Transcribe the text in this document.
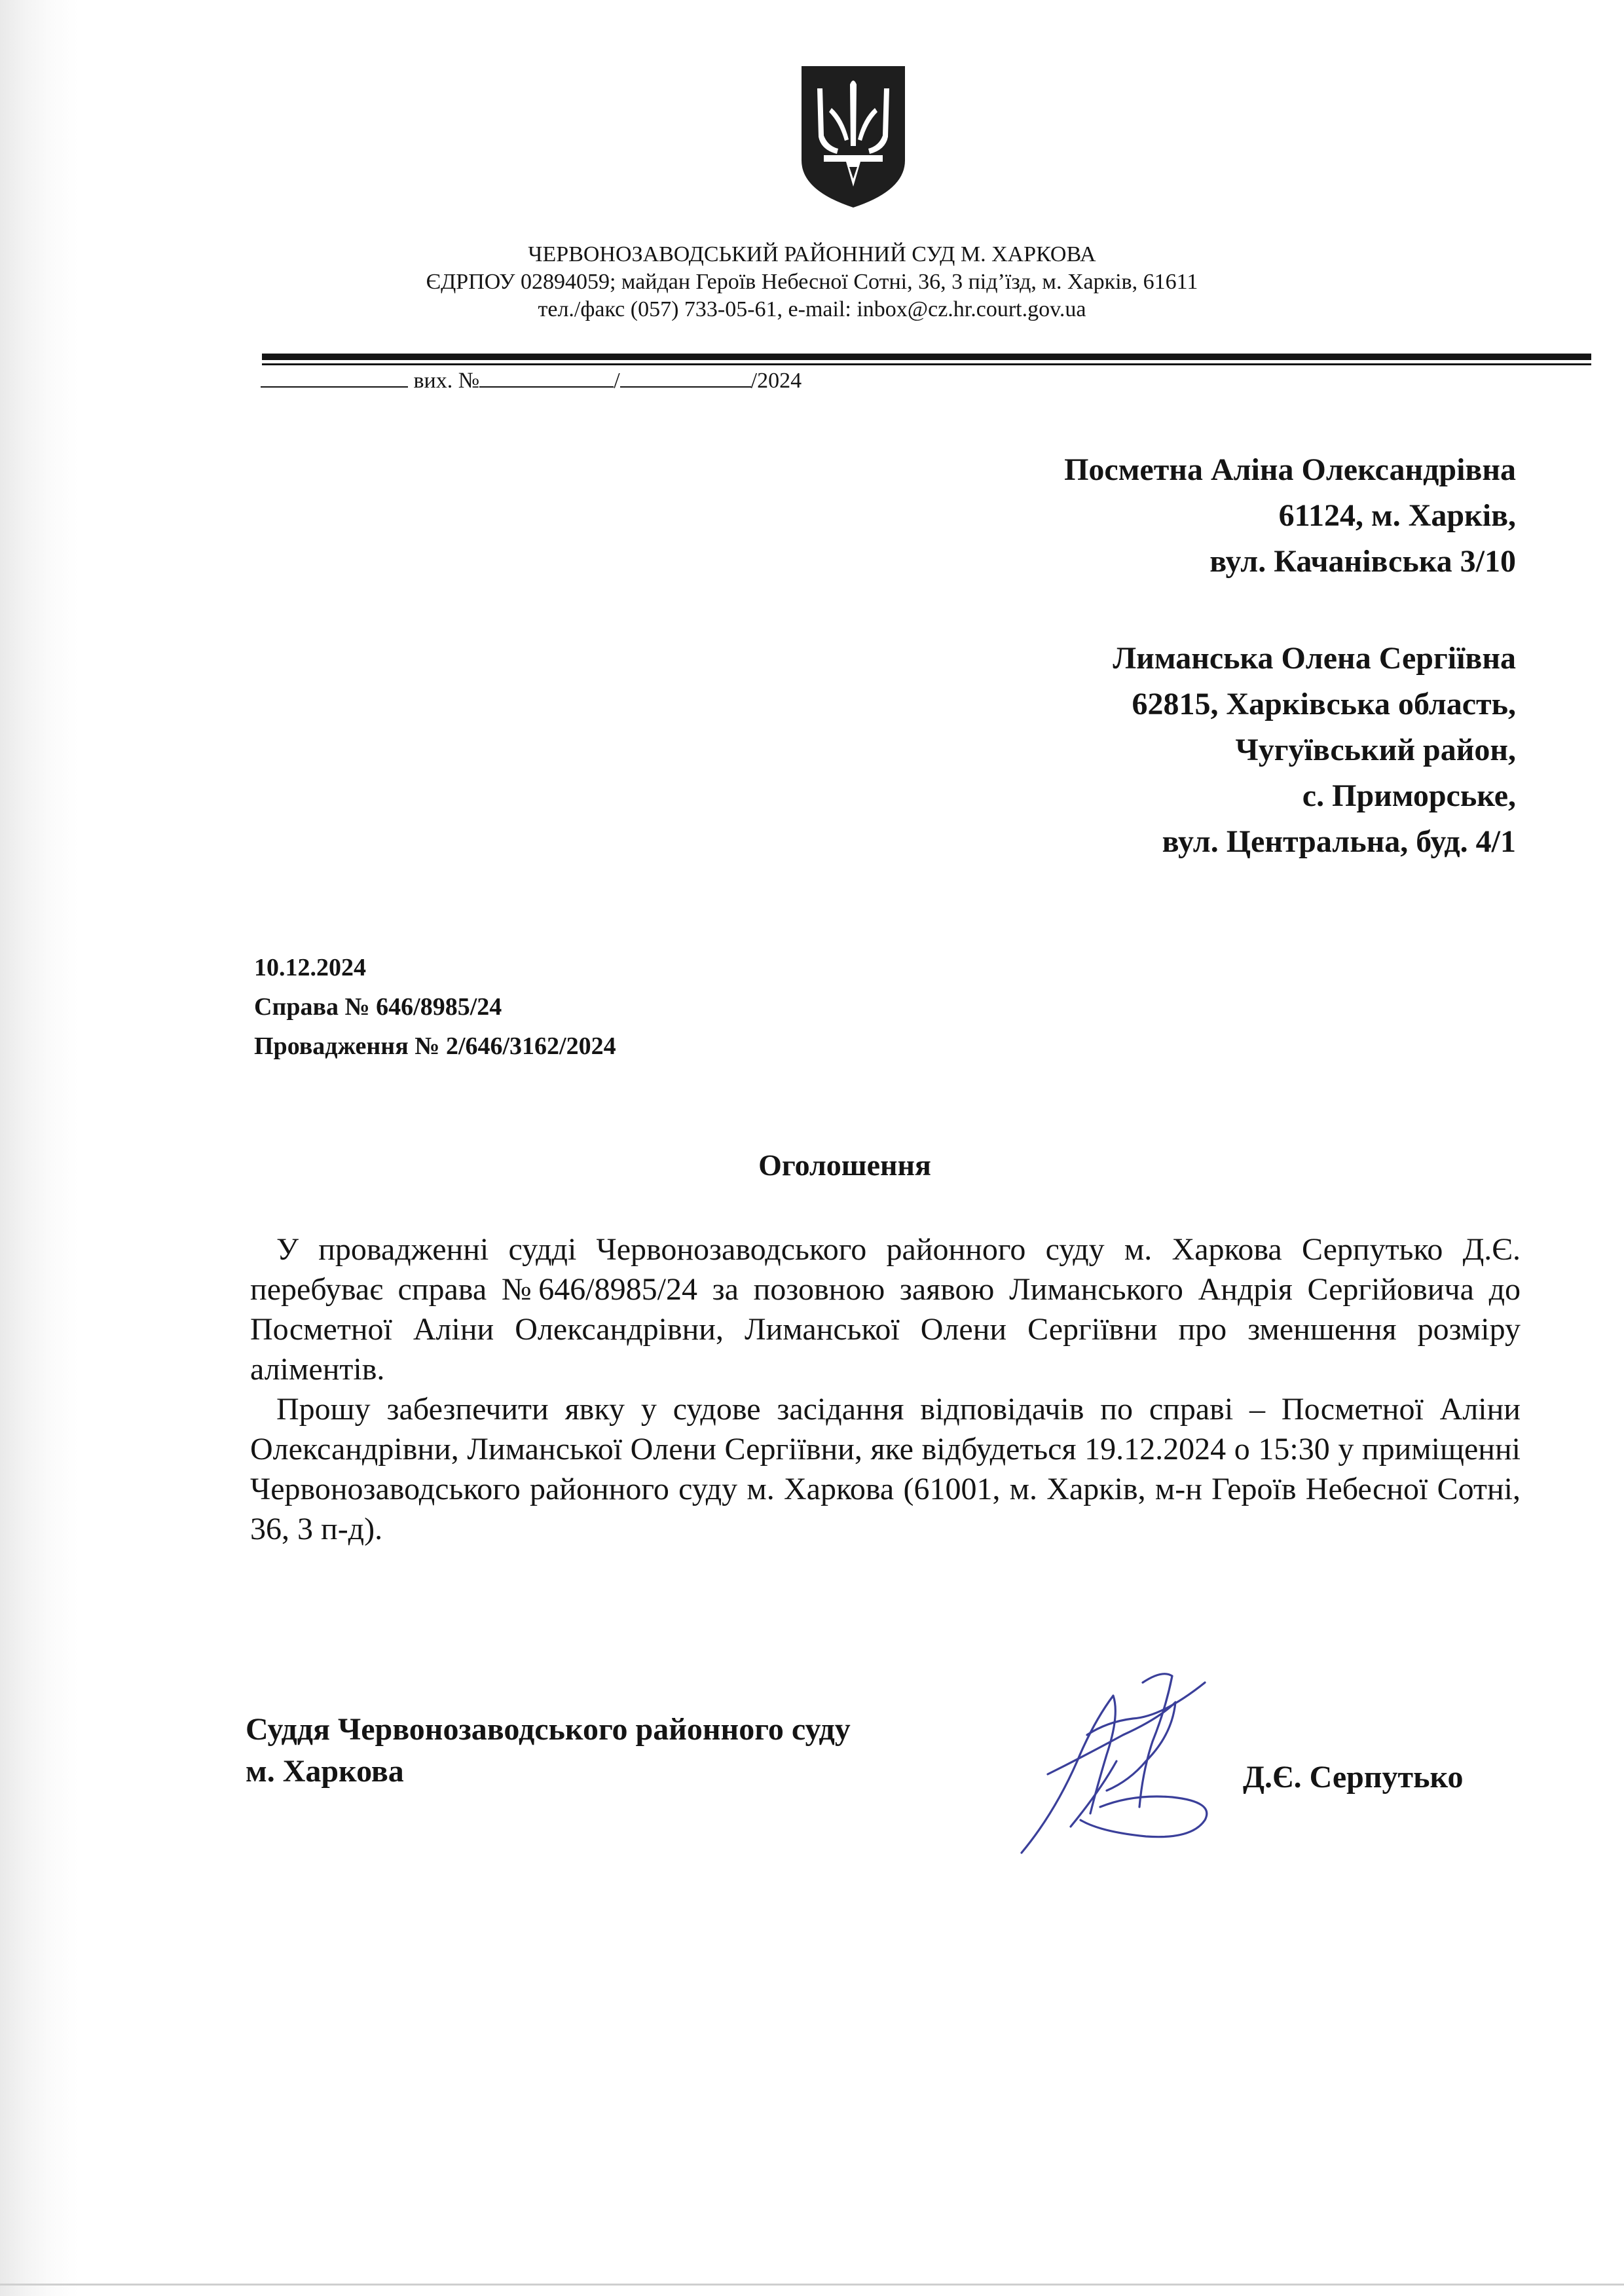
ЧЕРВОНОЗАВОДСЬКИЙ РАЙОННИЙ СУД М. ХАРКОВА
ЄДРПОУ 02894059; майдан Героїв Небесної Сотні, 36, 3 під’їзд, м. Харків, 61611
тел./факс (057) 733-05-61, e-mail: inbox@cz.hr.court.gov.ua
вих. №	/	/2024
Посметна Аліна Олександрівна
61124, м. Харків,
вул. Качанівська 3/10
Лиманська Олена Сергіївна
62815, Харківська область,
Чугуївський район,
с. Приморське,
вул. Центральна, буд. 4/1
10.12.2024
Справа № 646/8985/24
Провадження № 2/646/3162/2024
Оголошення

У провадженні судді Червонозаводського районного суду м. Харкова Серпутько Д.Є. перебуває справа №646/8985/24 за позовною заявою Лиманського Андрія Сергійовича до Посметної Аліни Олександрівни, Лиманської Олени Сергіївни про зменшення розміру аліментів.

Прошу забезпечити явку у судове засідання відповідачів по справі – Посметної Аліни Олександрівни, Лиманської Олени Сергіївни, яке відбудеться 19.12.2024 о 15:30 у приміщенні Червонозаводського районного суду м. Харкова (61001, м. Харків, м-н Героїв Небесної Сотні, 36, 3 п-д).

Суддя Червонозаводського районного суду
м. Харкова	Д.Є. Серпутько
